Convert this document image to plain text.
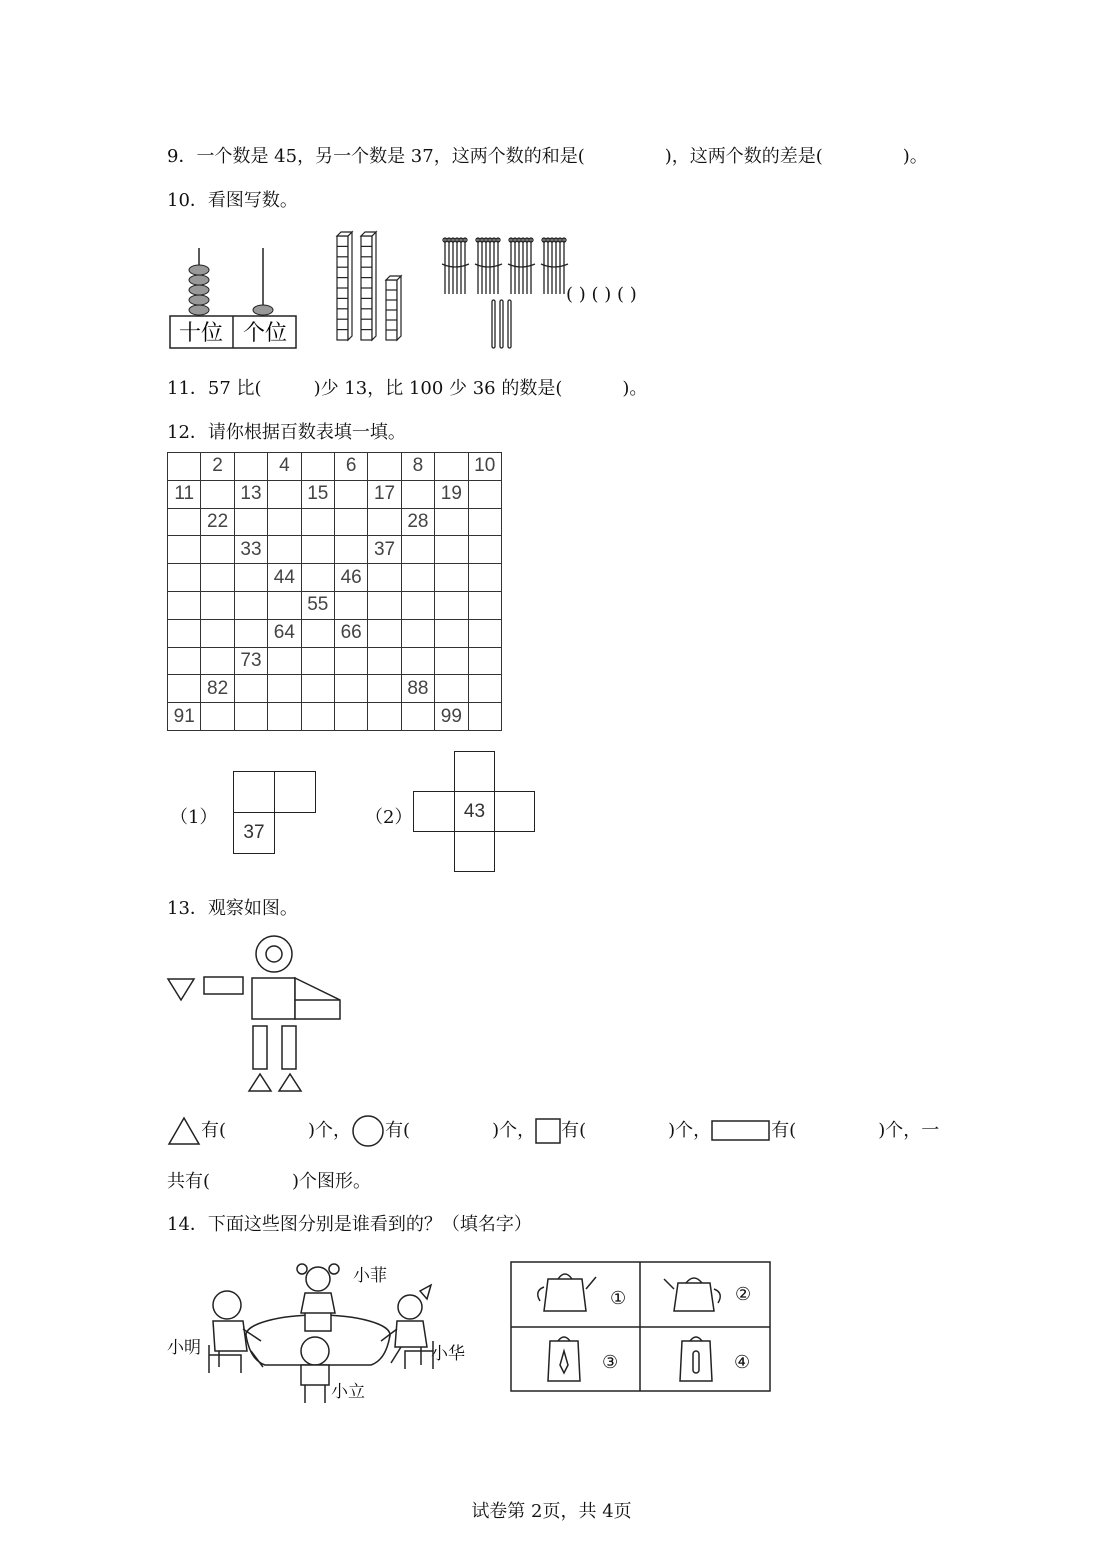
9．一个数是 45，另一个数是 37，这两个数的和是(	)，这两个数的差是(	)。
10．看图写数。
十位 个位
( ) ( ) ( )
11．57 比(	)少 13，比 100 少 36 的数是(	)。
12．请你根据百数表填一填。
	2		4		6		8		10
11		13		15		17		19	
	22						28		
		33				37			
			44		46				
				55					
			64		66				
		73							
	82						88		
91								99	
（1）
37
（2）	43
13．观察如图。
有(	)个， 有(	)个， 有(	)个，	有(	)个，一
共有(	)个图形。
14．下面这些图分别是谁看到的？（填名字）
小菲
小明	小华
小立
①	②
③	④
试卷第 2页，共 4页
